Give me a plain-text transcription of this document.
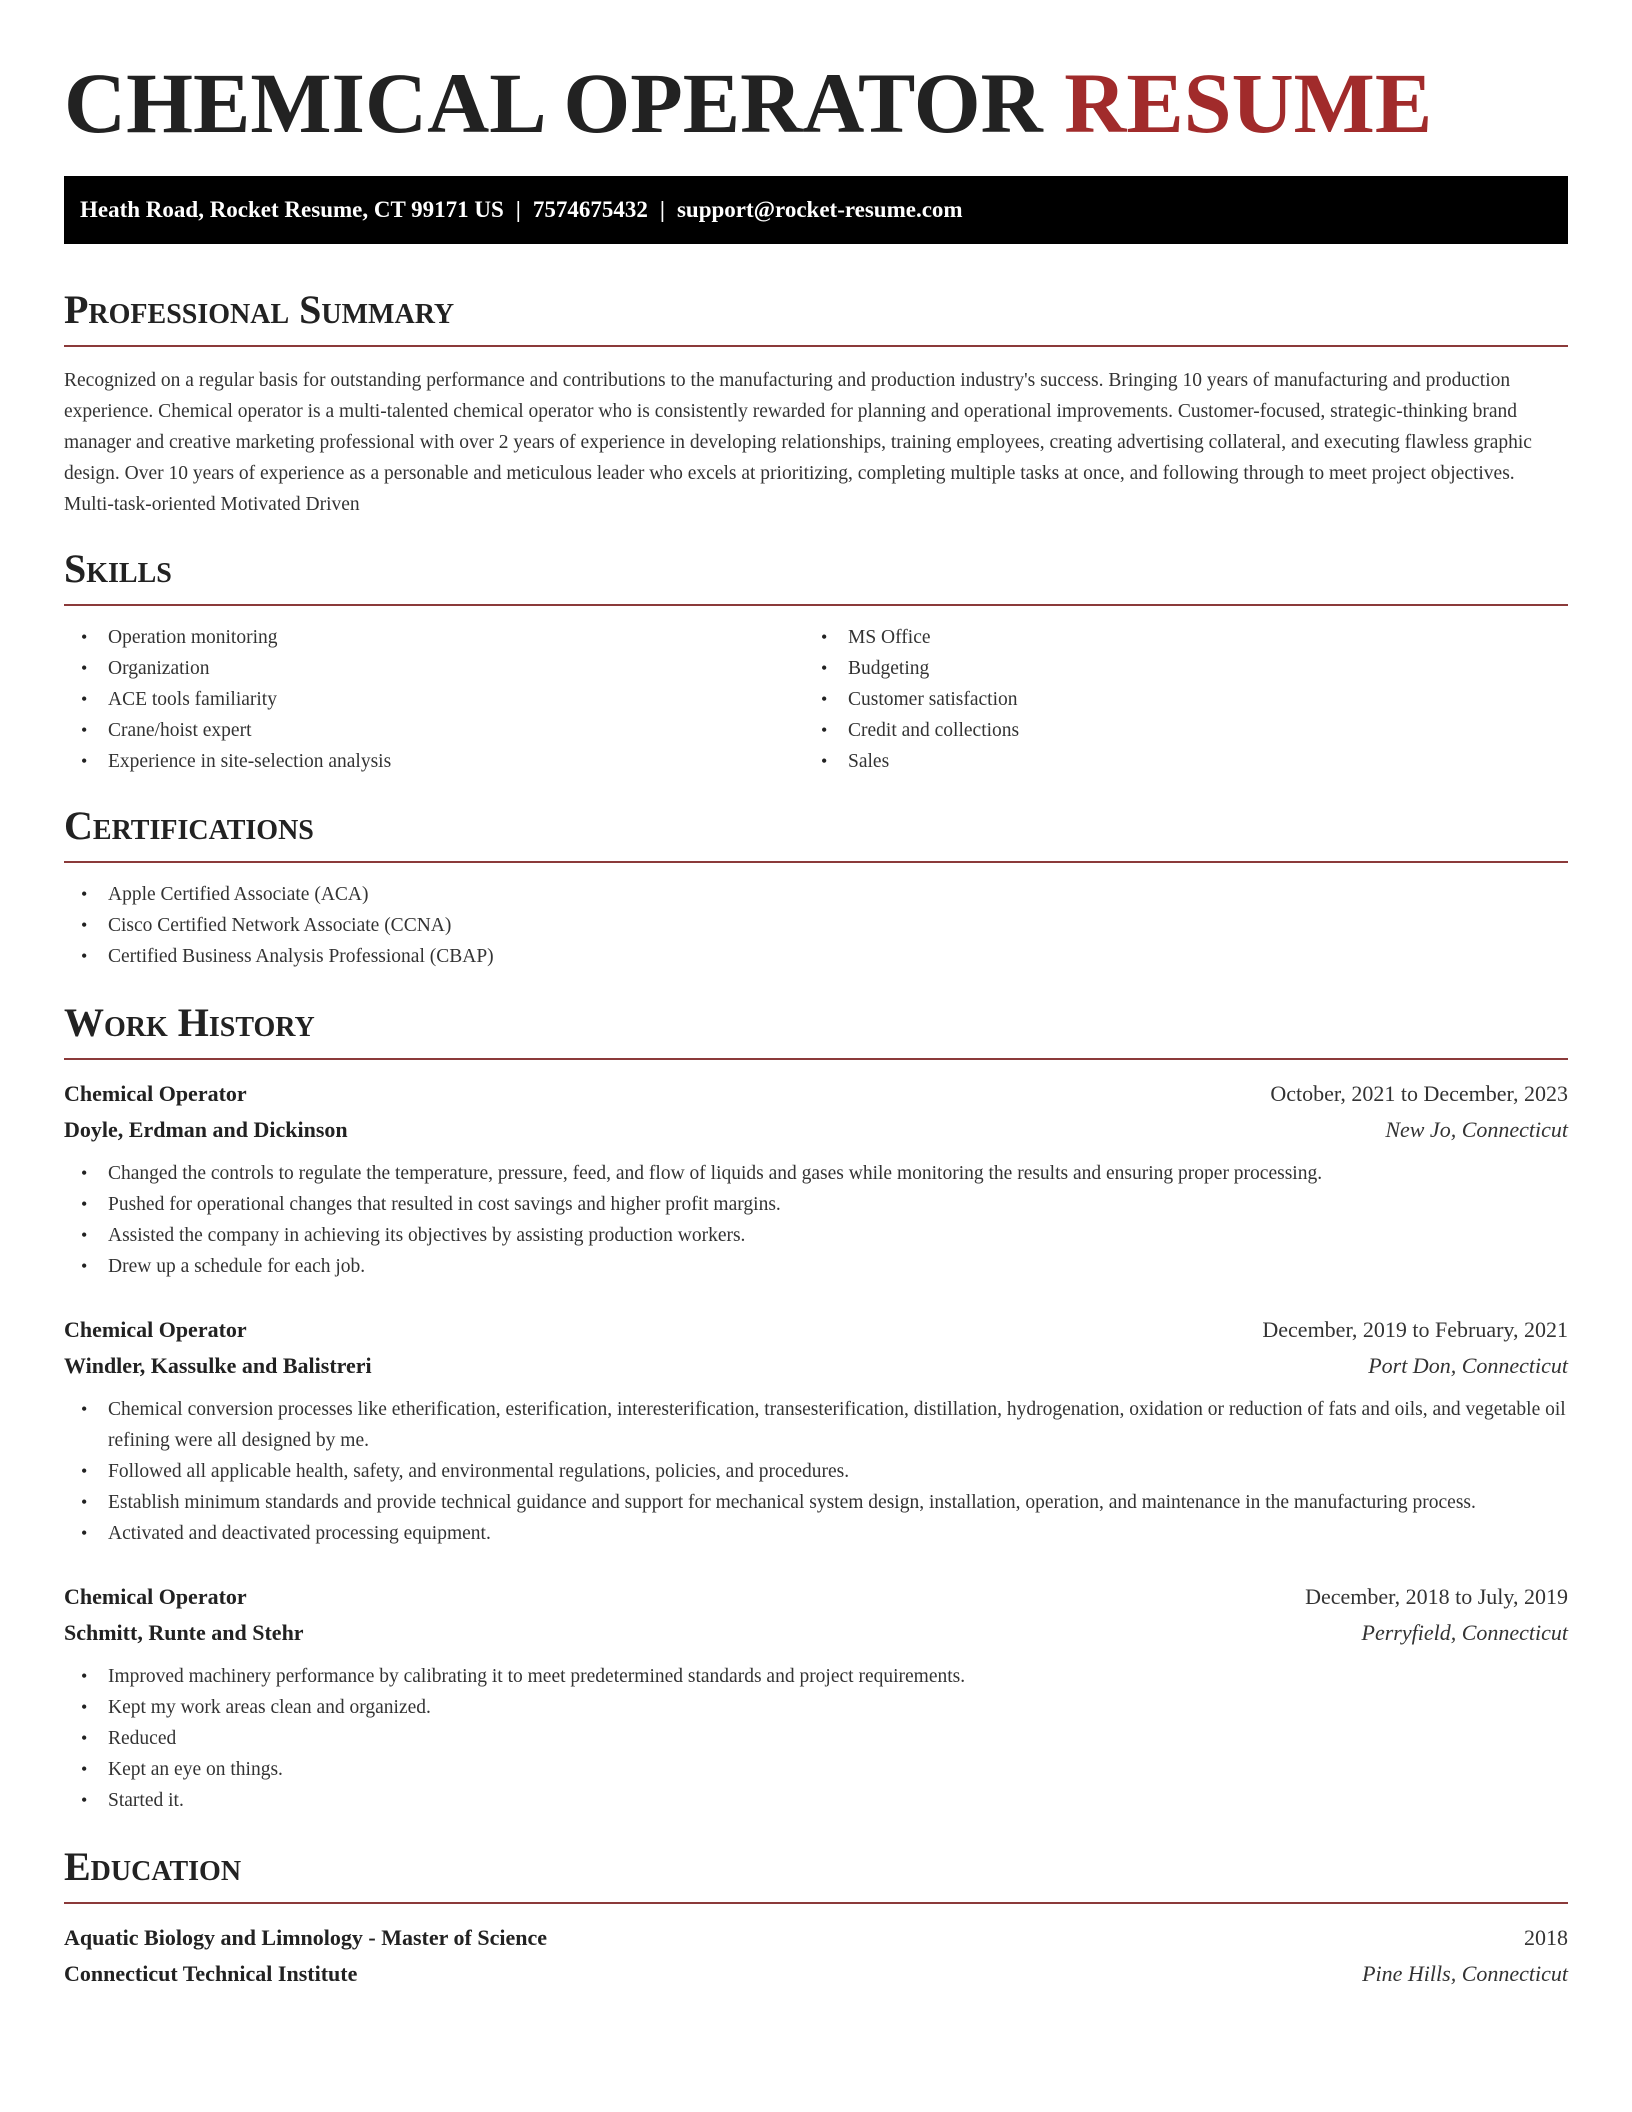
CHEMICAL OPERATOR RESUME
Heath Road, Rocket Resume, CT 99171 US | 7574675432 | support@rocket-resume.com
Professional Summary

Recognized on a regular basis for outstanding performance and contributions to the manufacturing and production industry's success. Bringing 10 years of manufacturing and production experience. Chemical operator is a multi-talented chemical operator who is consistently rewarded for planning and operational improvements. Customer-focused, strategic-thinking brand manager and creative marketing professional with over 2 years of experience in developing relationships, training employees, creating advertising collateral, and executing flawless graphic design. Over 10 years of experience as a personable and meticulous leader who excels at prioritizing, completing multiple tasks at once, and following through to meet project objectives. Multi-task-oriented Motivated Driven

Skills
• Operation monitoring
• Organization
• ACE tools familiarity
• Crane/hoist expert
• Experience in site-selection analysis
• MS Office
• Budgeting
• Customer satisfaction
• Credit and collections
• Sales
Certifications
• Apple Certified Associate (ACA)
• Cisco Certified Network Associate (CCNA)
• Certified Business Analysis Professional (CBAP)
Work History
Chemical Operator	October, 2021 to December, 2023
Doyle, Erdman and Dickinson	New Jo, Connecticut
• Changed the controls to regulate the temperature, pressure, feed, and flow of liquids and gases while monitoring the results and ensuring proper processing.
• Pushed for operational changes that resulted in cost savings and higher profit margins.
• Assisted the company in achieving its objectives by assisting production workers.
• Drew up a schedule for each job.
Chemical Operator	December, 2019 to February, 2021
Windler, Kassulke and Balistreri	Port Don, Connecticut
• Chemical conversion processes like etherification, esterification, interesterification, transesterification, distillation, hydrogenation, oxidation or reduction of fats and oils, and vegetable oil refining were all designed by me.
• Followed all applicable health, safety, and environmental regulations, policies, and procedures.
• Establish minimum standards and provide technical guidance and support for mechanical system design, installation, operation, and maintenance in the manufacturing process.
• Activated and deactivated processing equipment.
Chemical Operator	December, 2018 to July, 2019
Schmitt, Runte and Stehr	Perryfield, Connecticut
• Improved machinery performance by calibrating it to meet predetermined standards and project requirements.
• Kept my work areas clean and organized.
• Reduced
• Kept an eye on things.
• Started it.
Education
Aquatic Biology and Limnology - Master of Science	2018
Connecticut Technical Institute	Pine Hills, Connecticut
